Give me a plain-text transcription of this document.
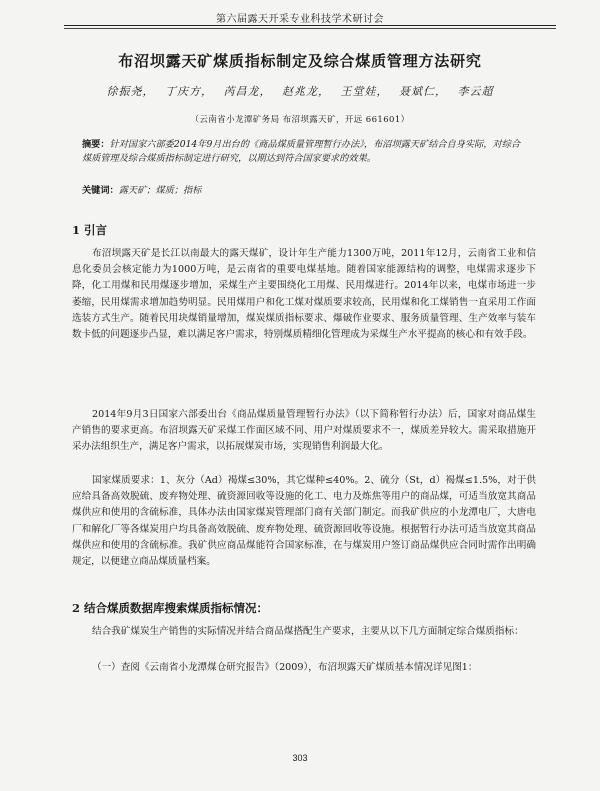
第六届露天开采专业科技学术研讨会
布沼坝露天矿煤质指标制定及综合煤质管理方法研究
徐振尧， 丁庆方， 芮昌龙， 赵兆龙， 王堂娃， 聂斌仁， 李云超
（云南省小龙潭矿务局 布沼坝露天矿，开远 661601）
摘要：针对国家六部委2014年9月出台的《商品煤质量管理暂行办法》，布沼坝露天矿结合自身实际，对综合煤质管理及综合煤质指标制定进行研究，以期达到符合国家要求的效果。
关键词：露天矿；煤质；指标
1 引言
布沼坝露天矿是长江以南最大的露天煤矿，设计年生产能力1300万吨，2011年12月，云南省工业和信息化委员会核定能力为1000万吨，是云南省的重要电煤基地。随着国家能源结构的调整，电煤需求逐步下降，化工用煤和民用煤逐步增加，采煤生产主要围绕化工用煤、民用煤进行。2014年以来，电煤市场进一步萎缩，民用煤需求增加趋势明显。民用煤用户和化工煤对煤质要求较高，民用煤和化工煤销售一直采用工作面选装方式生产。随着民用块煤销量增加，煤炭煤质指标要求、爆破作业要求、服务质量管理、生产效率与装车数卡低的问题逐步凸显，难以满足客户需求，特别煤质精细化管理成为采煤生产水平提高的核心和有效手段。
2014年9月3日国家六部委出台《商品煤质量管理暂行办法》（以下简称暂行办法）后，国家对商品煤生产销售的要求更高。布沼坝露天矿采煤工作面区域不同、用户对煤质要求不一，煤质差异较大。需采取措施开采办法组织生产，满足客户需求，以拓展煤炭市场，实现销售利润最大化。
国家煤质要求：1、灰分（Ad）褐煤≤30%，其它煤种≤40%。2、硫分（St，d）褐煤≤1.5%，对于供应给具备高效脱硫、废弃物处理、硫资源回收等设施的化工、电力及炼焦等用户的商品煤，可适当放宽其商品煤供应和使用的含硫标准，具体办法由国家煤炭管理部门商有关部门制定。而我矿供应的小龙潭电厂，大唐电厂和解化厂等各煤炭用户均具备高效脱硫、废弃物处理、硫资源回收等设施。根据暂行办法可适当放宽其商品煤供应和使用的含硫标准。我矿供应商品煤能符合国家标准，在与煤炭用户签订商品煤供应合同时需作出明确规定，以便建立商品煤质量档案。
2 结合煤质数据库搜索煤质指标情况：
结合我矿煤炭生产销售的实际情况并结合商品煤搭配生产要求，主要从以下几方面制定综合煤质指标：
（一）查阅《云南省小龙潭煤仓研究报告》（2009），布沼坝露天矿煤质基本情况详见图1：
303
